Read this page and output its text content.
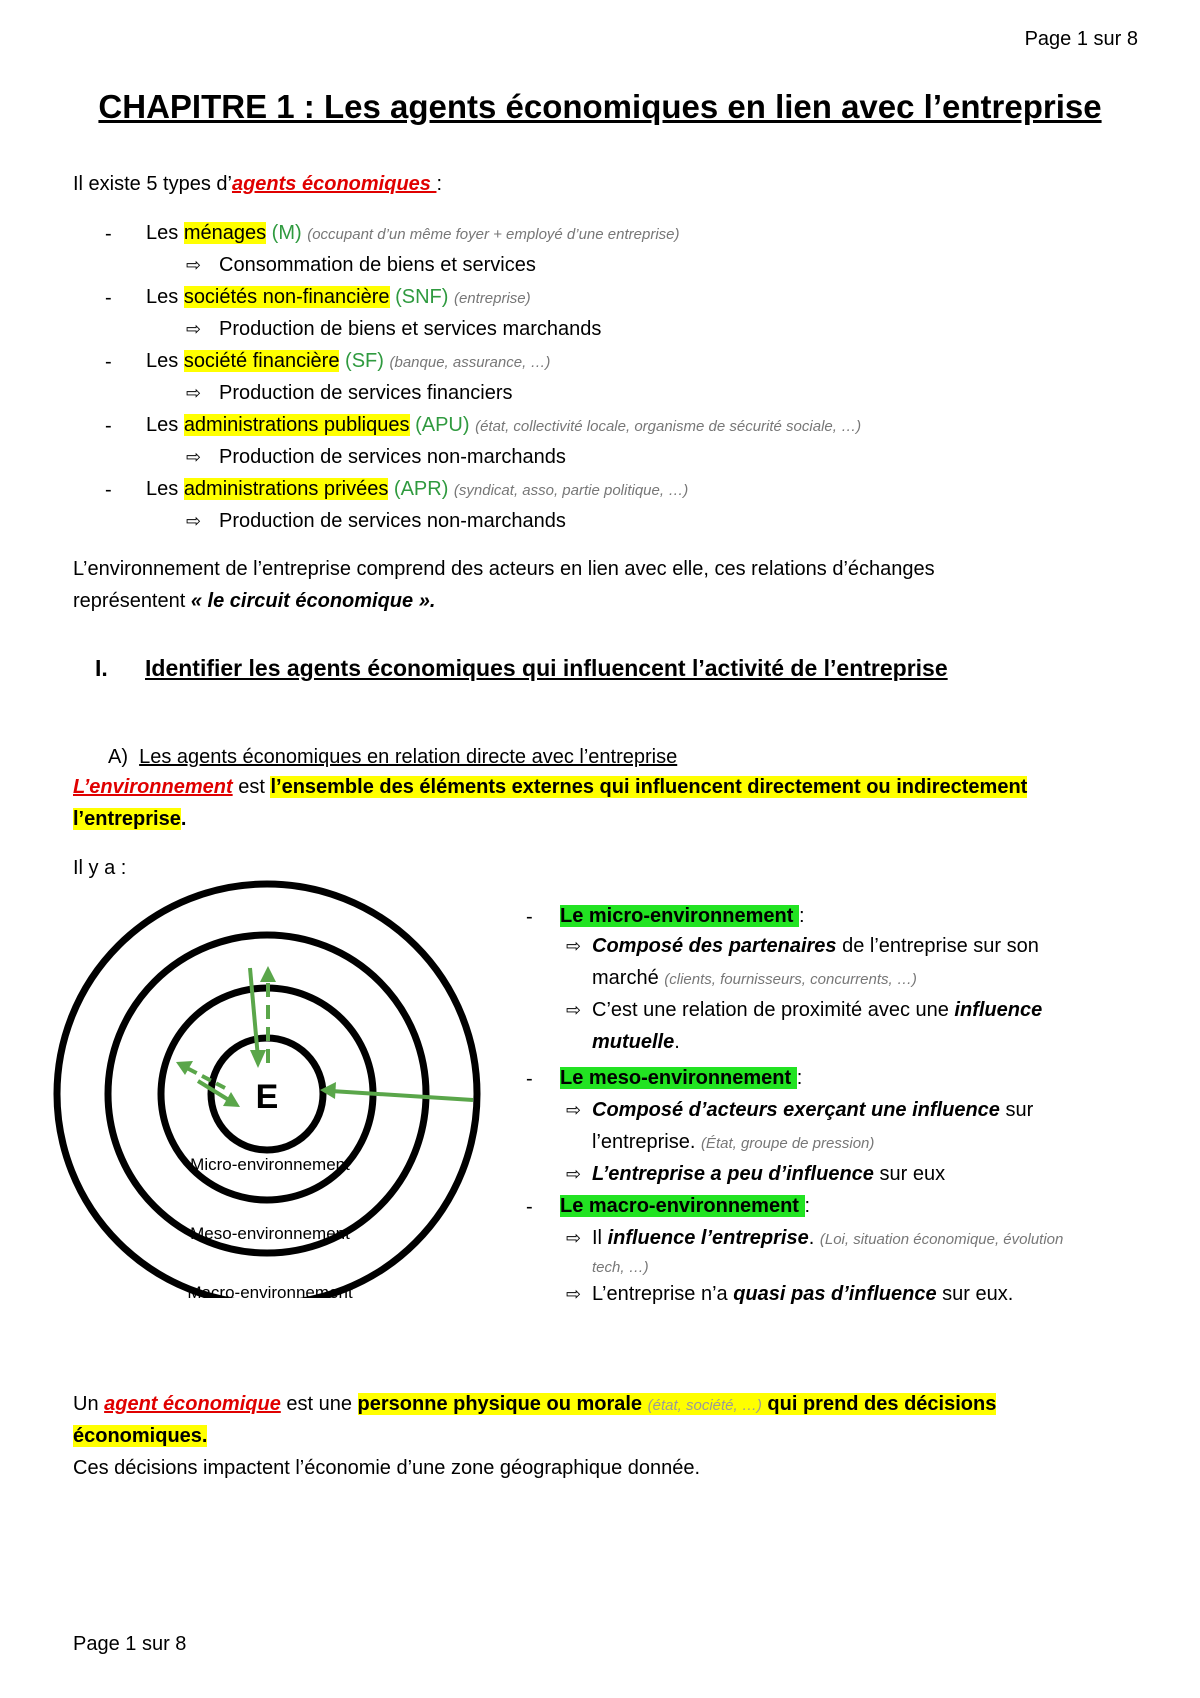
Page 1 sur 8
CHAPITRE 1 : Les agents économiques en lien avec l’entreprise
Il existe 5 types d’agents économiques :
- Les ménages (M) (occupant d’un même foyer + employé d’une entreprise)
⇨ Consommation de biens et services
- Les sociétés non-financière (SNF) (entreprise)
⇨ Production de biens et services marchands
- Les société financière (SF) (banque, assurance, …)
⇨ Production de services financiers
- Les administrations publiques (APU) (état, collectivité locale, organisme de sécurité sociale, …)
⇨ Production de services non-marchands
- Les administrations privées (APR) (syndicat, asso, partie politique, …)
⇨ Production de services non-marchands
L’environnement de l’entreprise comprend des acteurs en lien avec elle, ces relations d’échanges
représentent « le circuit économique ».
I. Identifier les agents économiques qui influencent l’activité de l’entreprise
A) Les agents économiques en relation directe avec l’entreprise
L’environnement est l’ensemble des éléments externes qui influencent directement ou indirectement
l’entreprise.
Il y a :
E
Micro-environnement
Meso-environnement
Macro-environnement
- Le micro-environnement :
⇨ Composé des partenaires de l’entreprise sur son
marché (clients, fournisseurs, concurrents, …)
⇨ C’est une relation de proximité avec une influence
mutuelle.
- Le meso-environnement :
⇨ Composé d’acteurs exerçant une influence sur
l’entreprise. (État, groupe de pression)
⇨ L’entreprise a peu d’influence sur eux
- Le macro-environnement :
⇨ Il influence l’entreprise. (Loi, situation économique, évolution
tech, …)
⇨ L’entreprise n’a quasi pas d’influence sur eux.
Un agent économique est une personne physique ou morale (état, société, …) qui prend des décisions
économiques.
Ces décisions impactent l’économie d’une zone géographique donnée.
Page 1 sur 8
